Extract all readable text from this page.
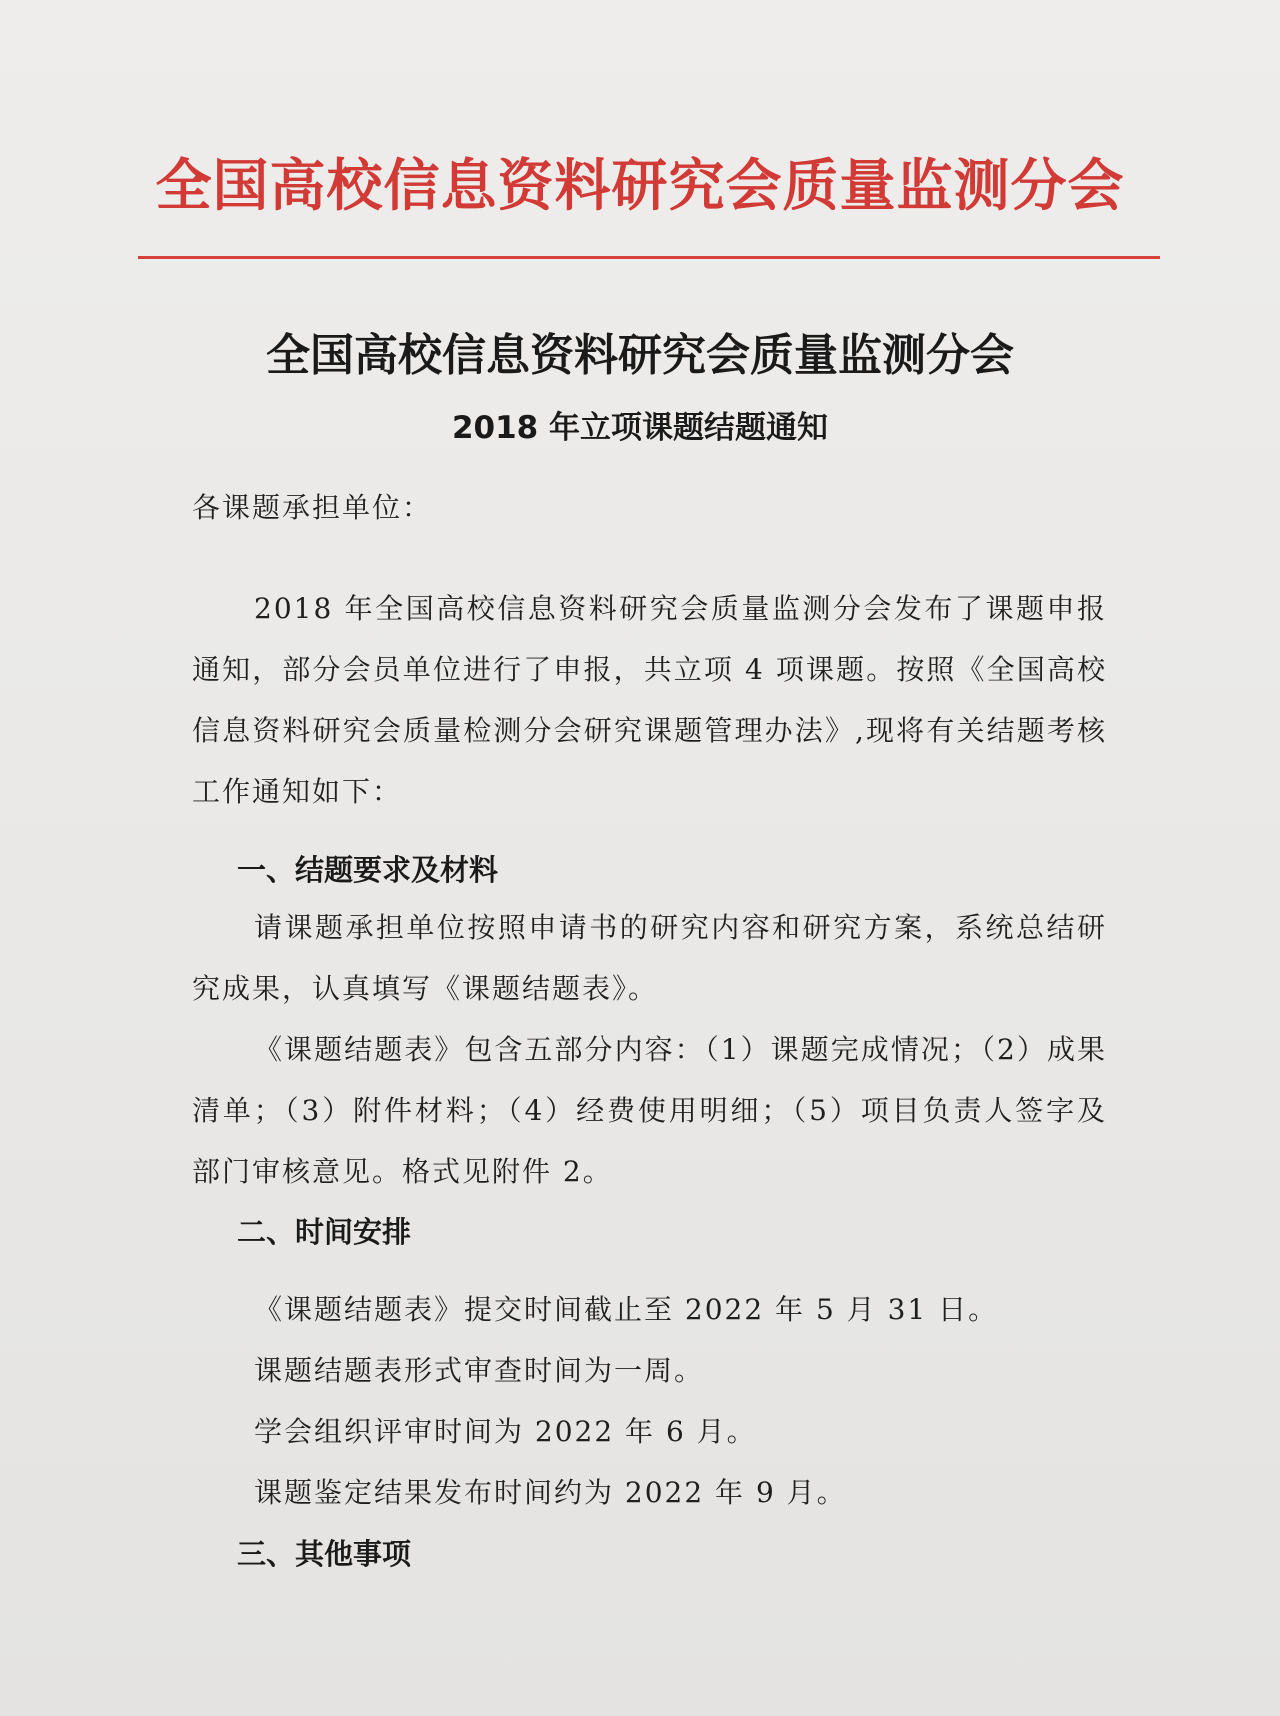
全国高校信息资料研究会质量监测分会
全国高校信息资料研究会质量监测分会
2018 年立项课题结题通知

各课题承担单位：

2018 年全国高校信息资料研究会质量监测分会发布了课题申报通知，部分会员单位进行了申报，共立项 4 项课题。按照《全国高校信息资料研究会质量检测分会研究课题管理办法》,现将有关结题考核工作通知如下：

一、结题要求及材料

请课题承担单位按照申请书的研究内容和研究方案，系统总结研究成果，认真填写《课题结题表》。

《课题结题表》包含五部分内容：（1）课题完成情况；（2）成果清单；（3）附件材料；（4）经费使用明细；（5）项目负责人签字及部门审核意见。格式见附件 2。

二、时间安排
《课题结题表》提交时间截止至 2022 年 5 月 31 日。
课题结题表形式审查时间为一周。
学会组织评审时间为 2022 年 6 月。
课题鉴定结果发布时间约为 2022 年 9 月。
三、其他事项
